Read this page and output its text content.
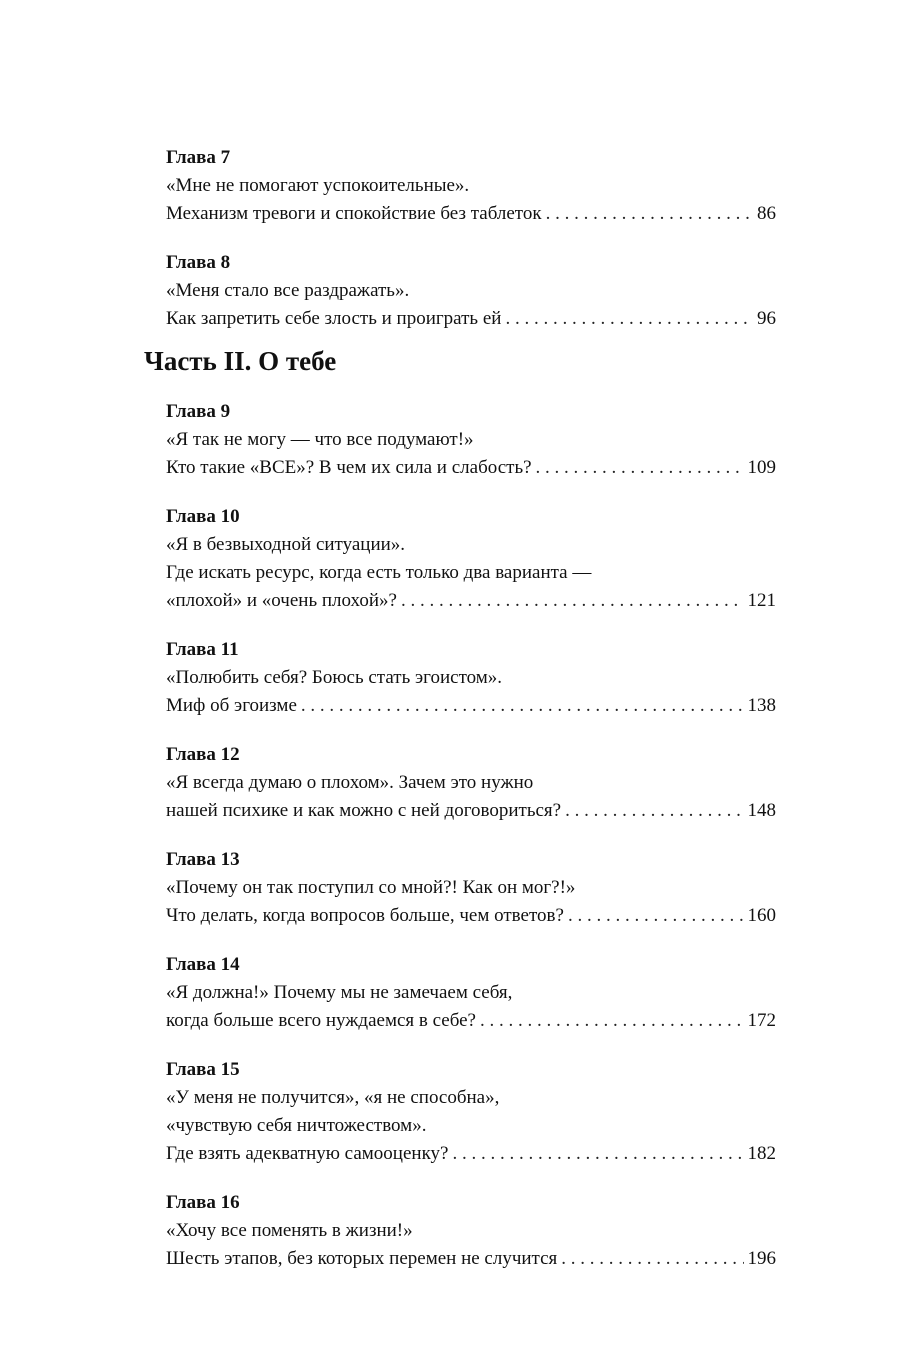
Глава 7
«Мне не помогают успокоительные».
Механизм тревоги и спокойствие без таблеток . . .	86
Глава 8
«Меня стало все раздражать».
Как запретить себе злость и проиграть ей . . .	96
Часть II. О тебе
Глава 9
«Я так не могу — что все подумают!»
Кто такие «ВСЕ»? В чем их сила и слабость? . . .	109
Глава 10
«Я в безвыходной ситуации».
Где искать ресурс, когда есть только два варианта —
«плохой» и «очень плохой»? . . .	121
Глава 11
«Полюбить себя? Боюсь стать эгоистом».
Миф об эгоизме . . .	138
Глава 12
«Я всегда думаю о плохом». Зачем это нужно
нашей психике и как можно с ней договориться? . . .	148
Глава 13
«Почему он так поступил со мной?! Как он мог?!»
Что делать, когда вопросов больше, чем ответов? . . .	160
Глава 14
«Я должна!» Почему мы не замечаем себя,
когда больше всего нуждаемся в себе? . . .	172
Глава 15
«У меня не получится», «я не способна»,
«чувствую себя ничтожеством».
Где взять адекватную самооценку? . . .	182
Глава 16
«Хочу все поменять в жизни!»
Шесть этапов, без которых перемен не случится . . .	196
